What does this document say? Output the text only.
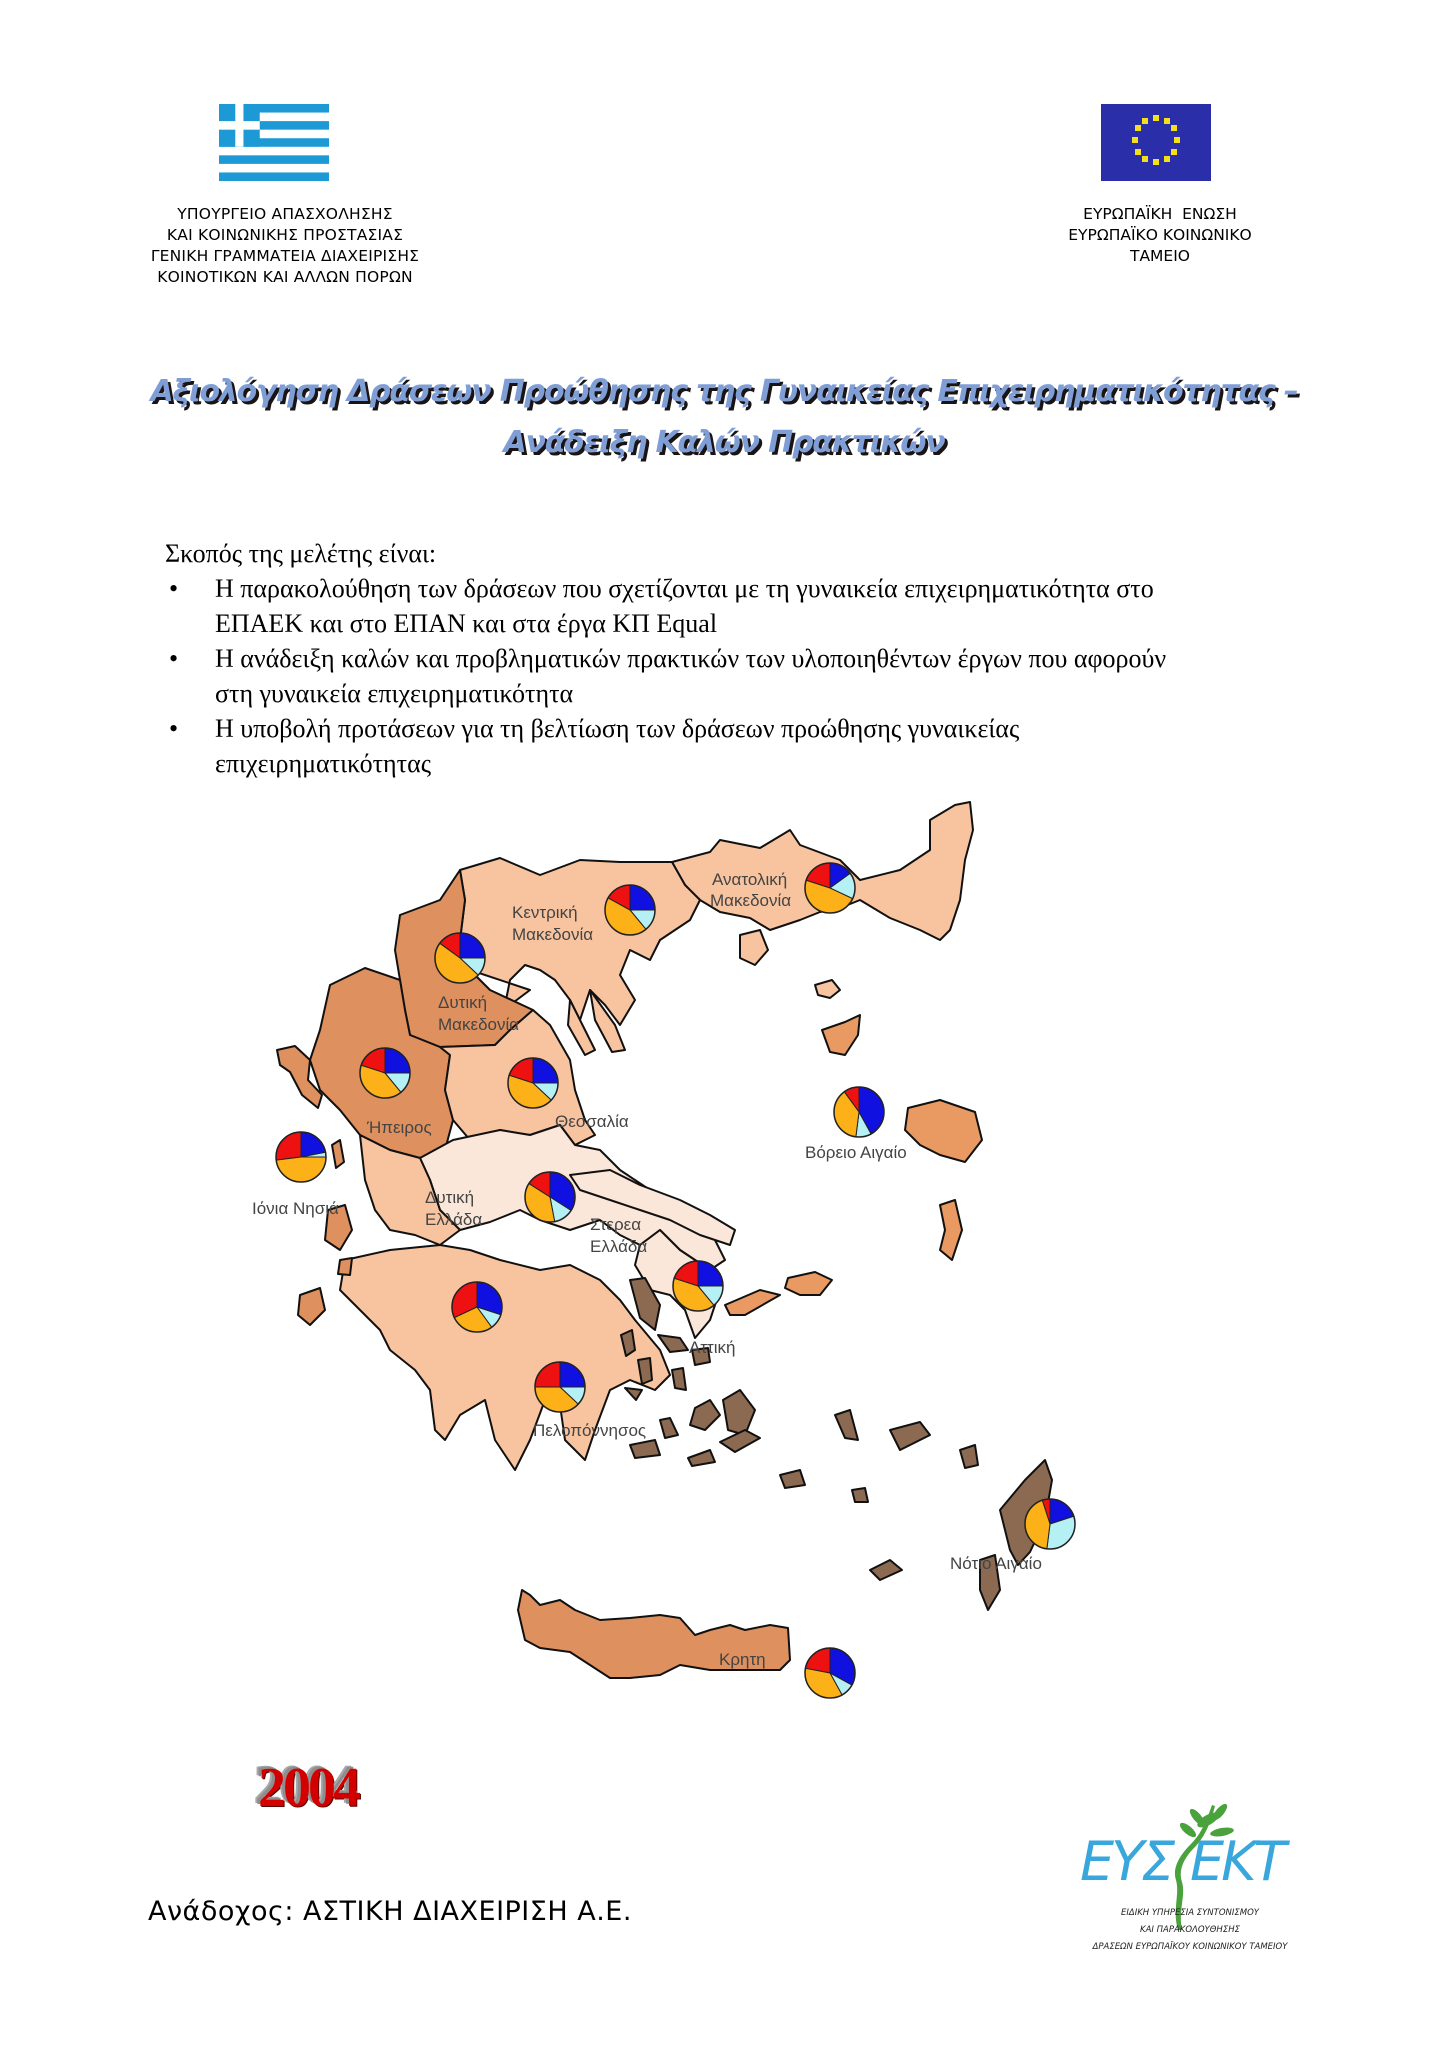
ΥΠΟΥΡΓΕΙΟ ΑΠΑΣΧΟΛΗΣΗΣ
ΚΑΙ ΚΟΙΝΩΝΙΚΗΣ ΠΡΟΣΤΑΣΙΑΣ
ΓΕΝΙΚΗ ΓΡΑΜΜΑΤΕΙΑ ΔΙΑΧΕΙΡΙΣΗΣ
ΚΟΙΝΟΤΙΚΩΝ ΚΑΙ ΑΛΛΩΝ ΠΟΡΩΝ
ΕΥΡΩΠΑΪΚΗ  ΕΝΩΣΗ
ΕΥΡΩΠΑΪΚΟ ΚΟΙΝΩΝΙΚΟ
ΤΑΜΕΙΟ
Αξιολόγηση Δράσεων Προώθησης της Γυναικείας Επιχειρηματικότητας –
Ανάδειξη Καλών Πρακτικών
Σκοπός της μελέτης είναι:
• Η παρακολούθηση των δράσεων που σχετίζονται με τη γυναικεία επιχειρηματικότητα στο
ΕΠΑΕΚ και στο ΕΠΑΝ και στα έργα ΚΠ Equal
• Η ανάδειξη καλών και προβληματικών πρακτικών των υλοποιηθέντων έργων που αφορούν
στη γυναικεία επιχειρηματικότητα
• Η υποβολή προτάσεων για τη βελτίωση των δράσεων προώθησης γυναικείας
επιχειρηματικότητας
Ανατολική
Μακεδονία
Κεντρική
Μακεδονία
Δυτική
Μακεδονία
Ήπειρος	Θεσσαλία
Βόρειο Αιγαίο
Ιόνια Νησιά
Δυτική
Ελλάδα	Στερεα
Ελλάδα
Αττική
Πελοπόννησος
Νότιο Αιγαίο
Κρητη
2004
Ανάδοχος: ΑΣΤΙΚΗ ΔΙΑΧΕΙΡΙΣΗ Α.Ε.
ΕΥΣ ΕΚΤ
ΕΙΔΙΚΗ ΥΠΗΡΕΣΙΑ ΣΥΝΤΟΝΙΣΜΟΥ
ΚΑΙ ΠΑΡΑΚΟΛΟΥΘΗΣΗΣ
ΔΡΑΣΕΩΝ ΕΥΡΩΠΑΪΚΟΥ ΚΟΙΝΩΝΙΚΟΥ ΤΑΜΕΙΟΥ
